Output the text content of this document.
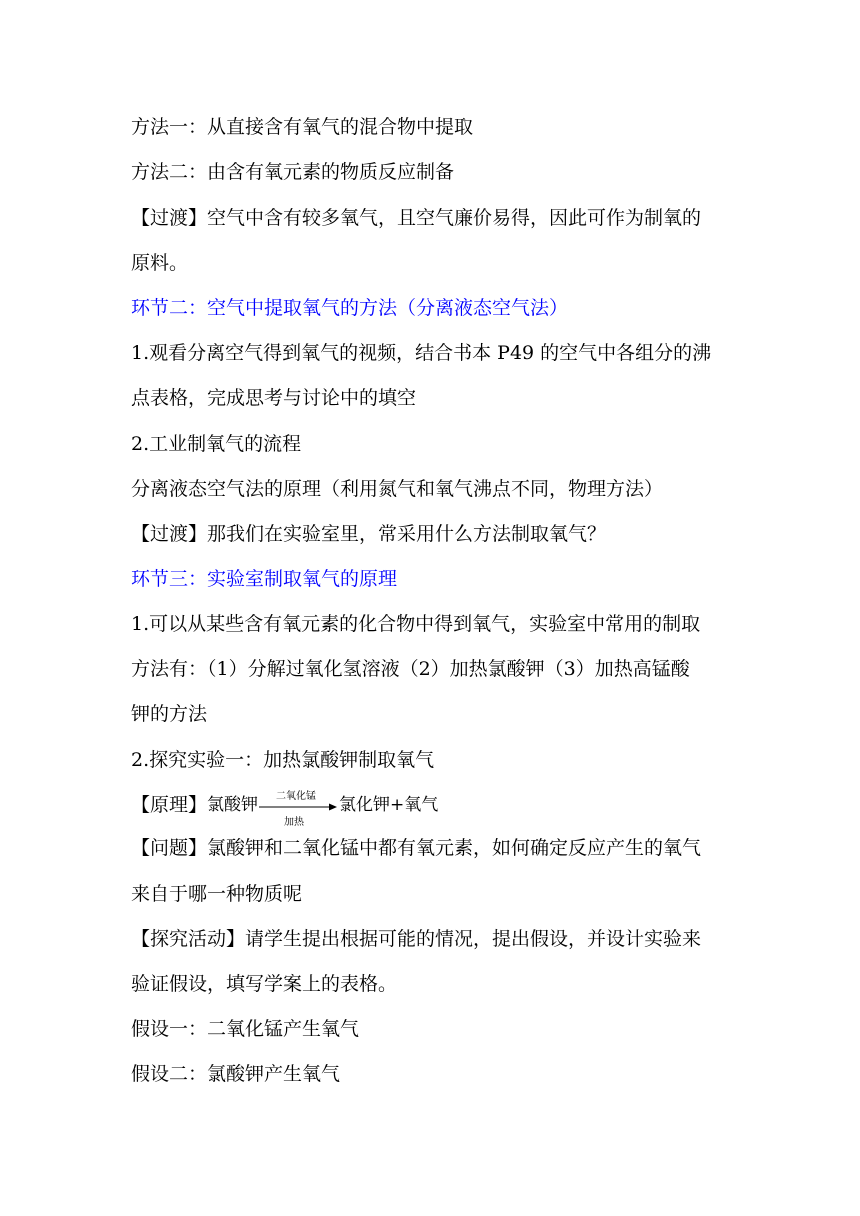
方法一：从直接含有氧气的混合物中提取
方法二：由含有氧元素的物质反应制备
【过渡】空气中含有较多氧气，且空气廉价易得，因此可作为制氧的
原料。
环节二：空气中提取氧气的方法（分离液态空气法）
1.观看分离空气得到氧气的视频，结合书本 P49 的空气中各组分的沸
点表格，完成思考与讨论中的填空
2.工业制氧气的流程
分离液态空气法的原理（利用氮气和氧气沸点不同，物理方法）
【过渡】那我们在实验室里，常采用什么方法制取氧气？
环节三：实验室制取氧气的原理
1.可以从某些含有氧元素的化合物中得到氧气，实验室中常用的制取
方法有：（1）分解过氧化氢溶液（2）加热氯酸钾（3）加热高锰酸
钾的方法
2.探究实验一：加热氯酸钾制取氧气
【原理】 氯酸钾 二氧化锰
加热
氯化钾+氧气
【问题】氯酸钾和二氧化锰中都有氧元素，如何确定反应产生的氧气
来自于哪一种物质呢
【探究活动】请学生提出根据可能的情况，提出假设，并设计实验来
验证假设，填写学案上的表格。
假设一：二氧化锰产生氧气
假设二：氯酸钾产生氧气
